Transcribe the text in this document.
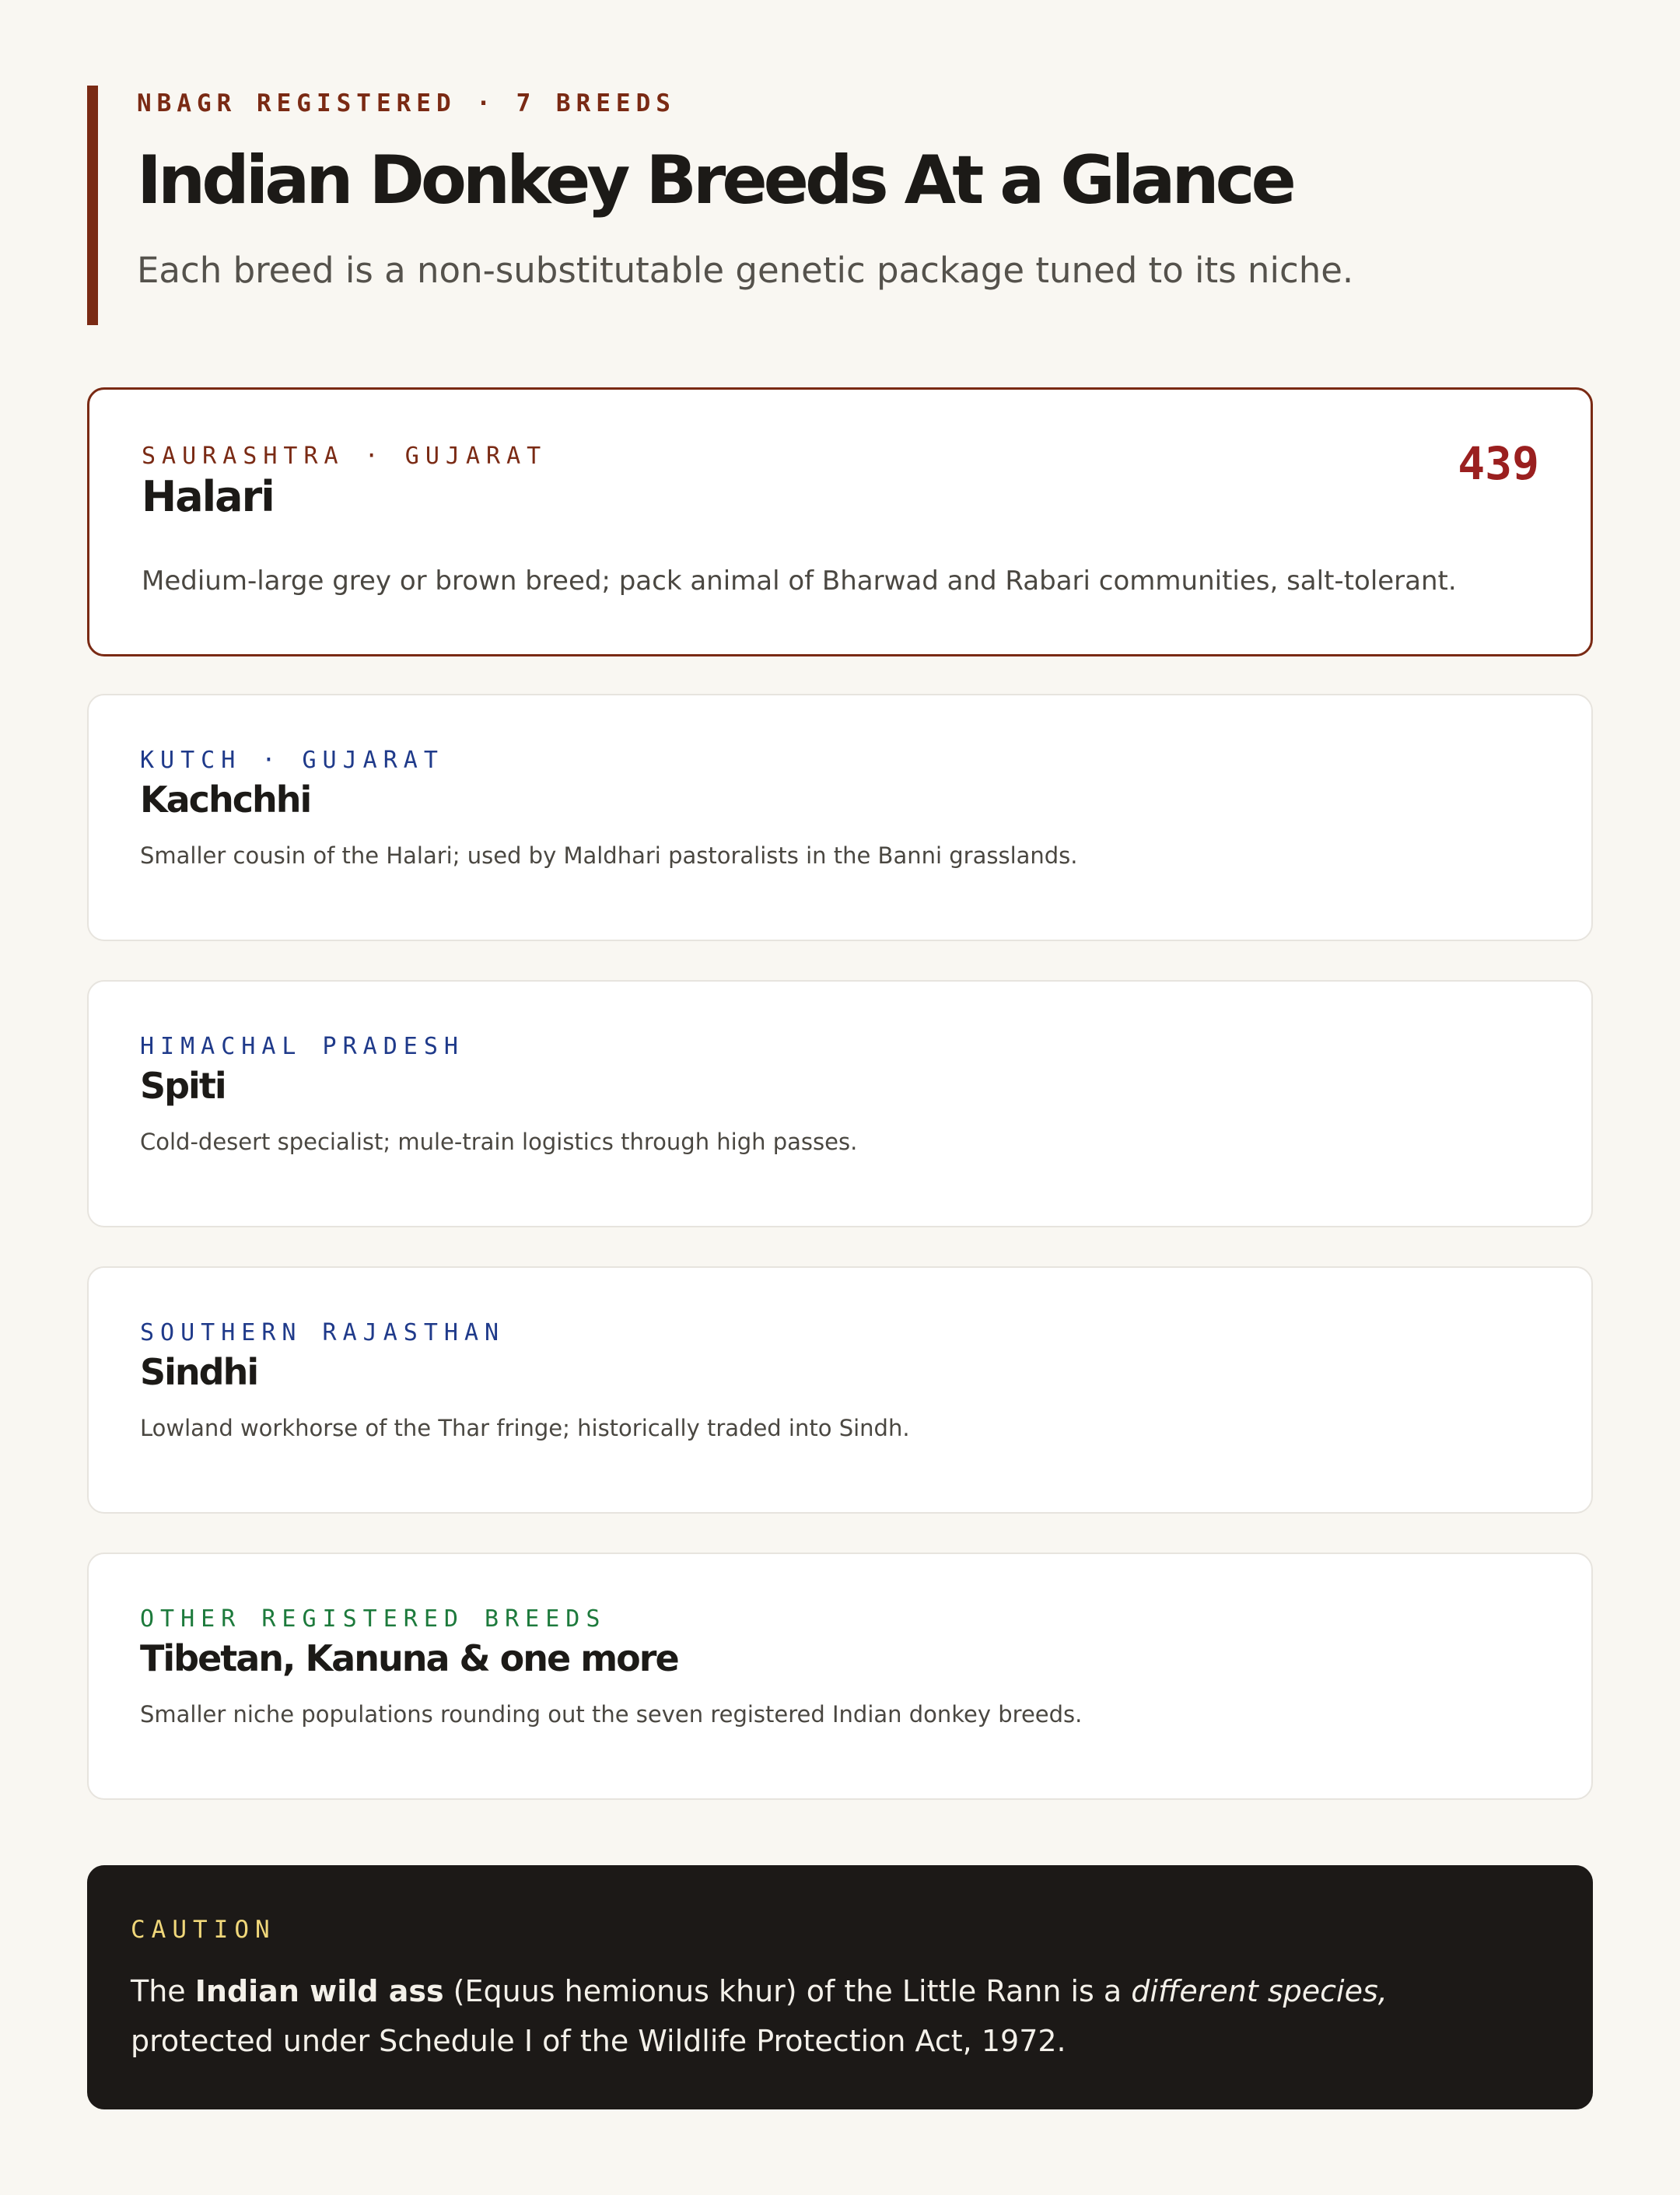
NBAGR REGISTERED · 7 BREEDS
Indian Donkey Breeds At a Glance
Each breed is a non-substitutable genetic package tuned to its niche.
SAURASHTRA · GUJARAT	439
Halari
Medium-large grey or brown breed; pack animal of Bharwad and Rabari communities, salt-tolerant.
KUTCH · GUJARAT
Kachchhi
Smaller cousin of the Halari; used by Maldhari pastoralists in the Banni grasslands.
HIMACHAL PRADESH
Spiti
Cold-desert specialist; mule-train logistics through high passes.
SOUTHERN RAJASTHAN
Sindhi
Lowland workhorse of the Thar fringe; historically traded into Sindh.
OTHER REGISTERED BREEDS
Tibetan, Kanuna & one more
Smaller niche populations rounding out the seven registered Indian donkey breeds.
CAUTION
The Indian wild ass (Equus hemionus khur) of the Little Rann is a different species, protected under Schedule I of the Wildlife Protection Act, 1972.
